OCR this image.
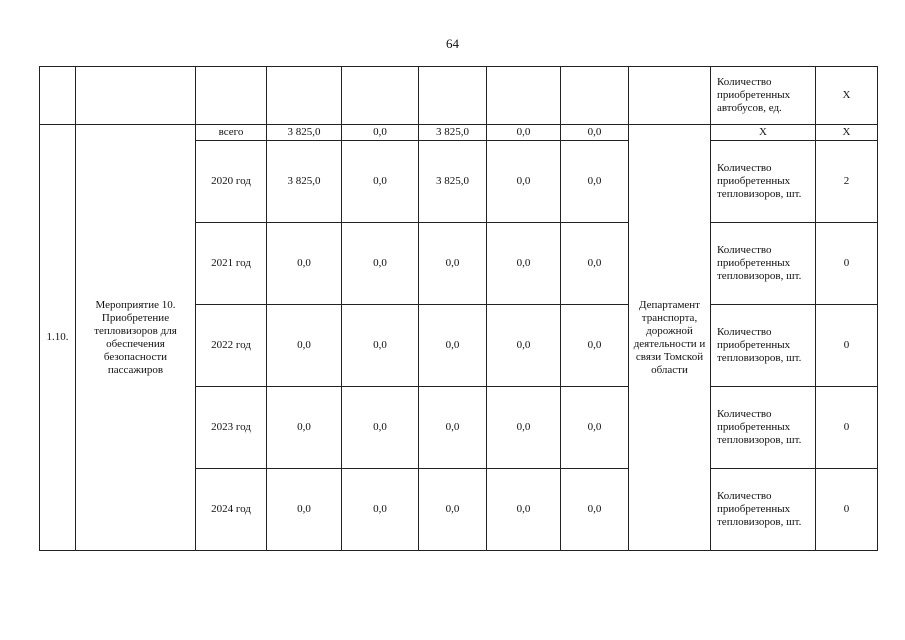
64
									Количество приобретенных автобусов, ед.	X
1.10.	Мероприятие 10. Приобретение тепловизоров для обеспечения безопасности пассажиров	всего	3 825,0	0,0	3 825,0	0,0	0,0	Департамент транспорта, дорожной деятельности и связи Томской области	X	X
		2020 год	3 825,0	0,0	3 825,0	0,0	0,0		Количество приобретенных тепловизоров, шт.	2
		2021 год	0,0	0,0	0,0	0,0	0,0		Количество приобретенных тепловизоров, шт.	0
		2022 год	0,0	0,0	0,0	0,0	0,0		Количество приобретенных тепловизоров, шт.	0
		2023 год	0,0	0,0	0,0	0,0	0,0		Количество приобретенных тепловизоров, шт.	0
		2024 год	0,0	0,0	0,0	0,0	0,0		Количество приобретенных тепловизоров, шт.	0
